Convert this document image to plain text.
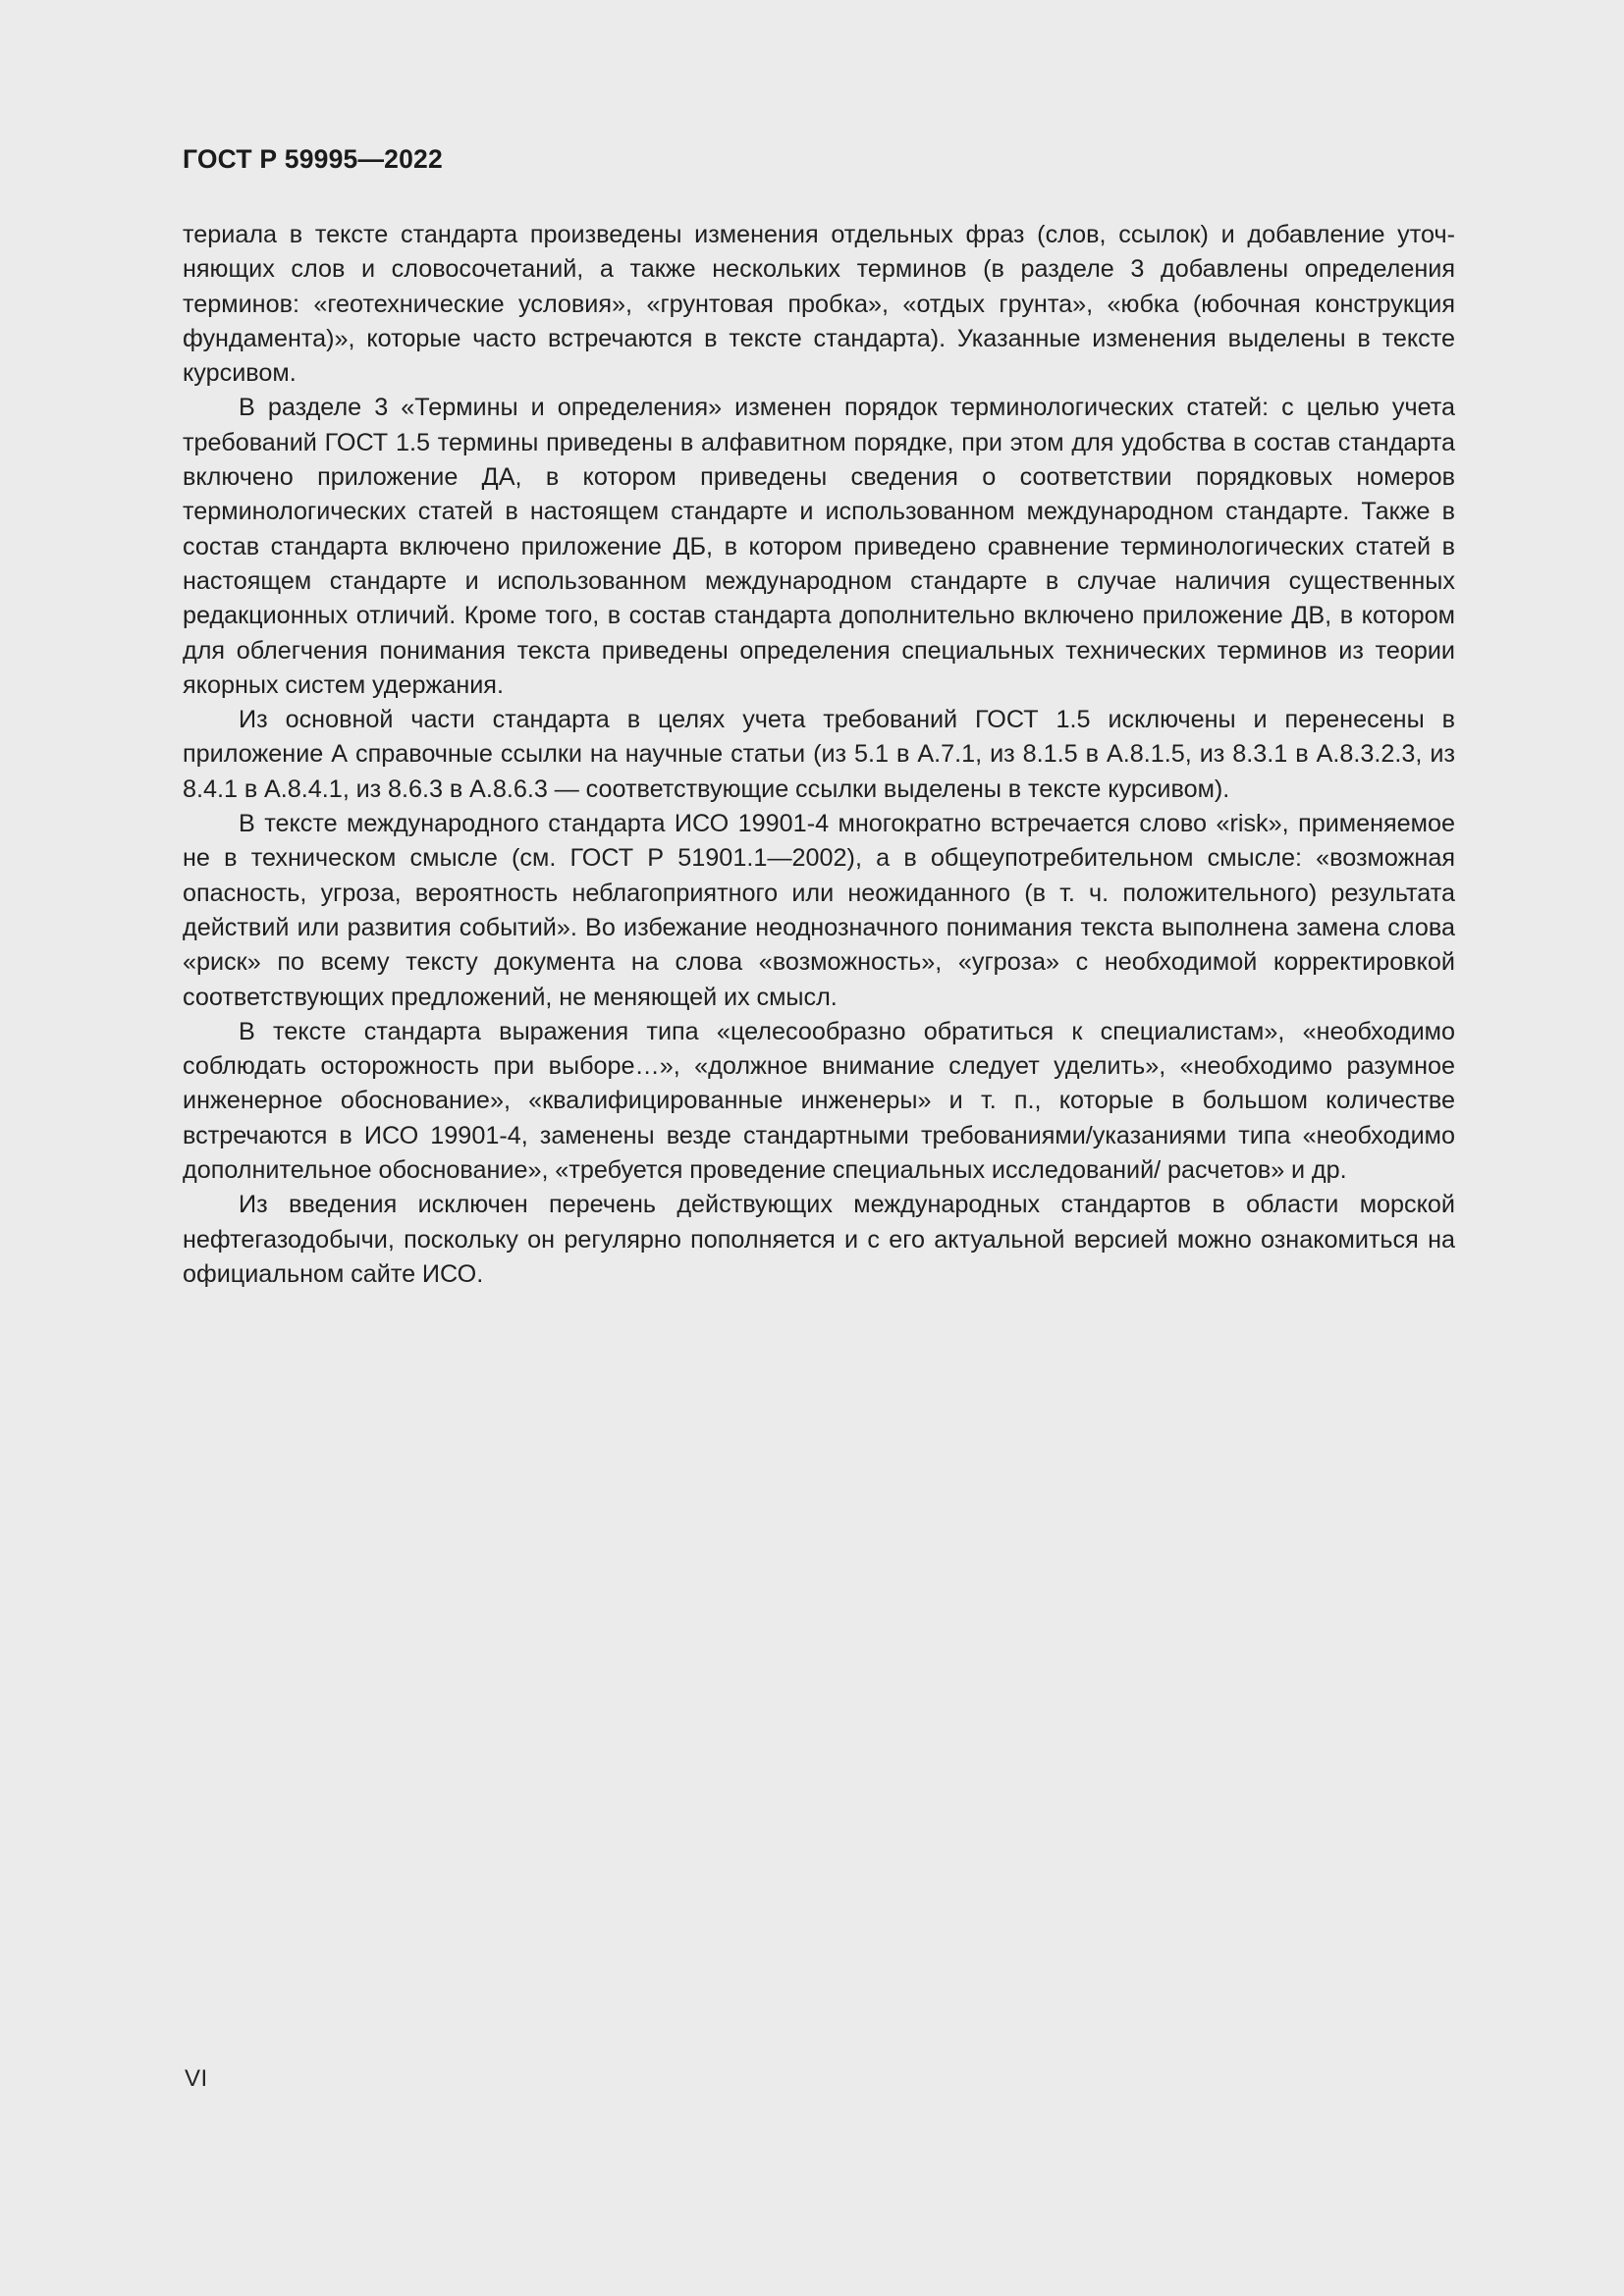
ГОСТ Р 59995—2022

териала в тексте стандарта произведены изменения отдельных фраз (слов, ссылок) и добавление уточняющих слов и словосочетаний, а также нескольких терминов (в разделе 3 добавлены определения терминов: «геотехнические условия», «грунтовая пробка», «отдых грунта», «юбка (юбочная конструкция фундамента)», которые часто встречаются в тексте стандарта). Указанные изменения выделены в тексте курсивом.

В разделе 3 «Термины и определения» изменен порядок терминологических статей: с целью учета требований ГОСТ 1.5 термины приведены в алфавитном порядке, при этом для удобства в состав стандарта включено приложение ДА, в котором приведены сведения о соответствии порядковых номеров терминологических статей в настоящем стандарте и использованном международном стандарте. Также в состав стандарта включено приложение ДБ, в котором приведено сравнение терминологических статей в настоящем стандарте и использованном международном стандарте в случае наличия существенных редакционных отличий. Кроме того, в состав стандарта дополнительно включено приложение ДВ, в котором для облегчения понимания текста приведены определения специальных технических терминов из теории якорных систем удержания.

Из основной части стандарта в целях учета требований ГОСТ 1.5 исключены и перенесены в приложение А справочные ссылки на научные статьи (из 5.1 в А.7.1, из 8.1.5 в А.8.1.5, из 8.3.1 в А.8.3.2.3, из 8.4.1 в А.8.4.1, из 8.6.3 в А.8.6.3 — соответствующие ссылки выделены в тексте курсивом).

В тексте международного стандарта ИСО 19901-4 многократно встречается слово «risk», применяемое не в техническом смысле (см. ГОСТ Р 51901.1—2002), а в общеупотребительном смысле: «возможная опасность, угроза, вероятность неблагоприятного или неожиданного (в т. ч. положительного) результата действий или развития событий». Во избежание неоднозначного понимания текста выполнена замена слова «риск» по всему тексту документа на слова «возможность», «угроза» с необходимой корректировкой соответствующих предложений, не меняющей их смысл.

В тексте стандарта выражения типа «целесообразно обратиться к специалистам», «необходимо соблюдать осторожность при выборе…», «должное внимание следует уделить», «необходимо разумное инженерное обоснование», «квалифицированные инженеры» и т. п., которые в большом количестве встречаются в ИСО 19901-4, заменены везде стандартными требованиями/указаниями типа «необходимо дополнительное обоснование», «требуется проведение специальных исследований/ расчетов» и др.

Из введения исключен перечень действующих международных стандартов в области морской нефтегазодобычи, поскольку он регулярно пополняется и с его актуальной версией можно ознакомиться на официальном сайте ИСО.

VI
